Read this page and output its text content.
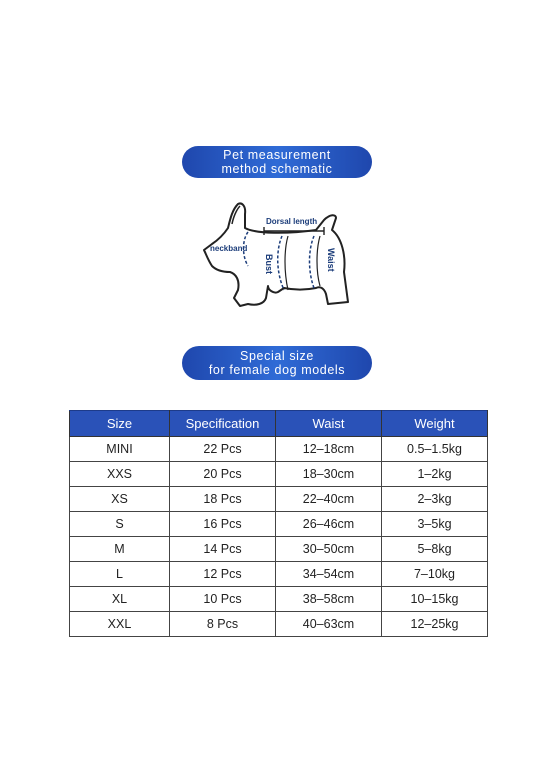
Pet measurement
method schematic
Dorsal length
neckband
Bust	Waist
Special size
for female dog models
Size	Specification	Waist	Weight
MINI	22 Pcs	12–18cm	0.5–1.5kg
XXS	20 Pcs	18–30cm	1–2kg
XS	18 Pcs	22–40cm	2–3kg
S	16 Pcs	26–46cm	3–5kg
M	14 Pcs	30–50cm	5–8kg
L	12 Pcs	34–54cm	7–10kg
XL	10 Pcs	38–58cm	10–15kg
XXL	8 Pcs	40–63cm	12–25kg
